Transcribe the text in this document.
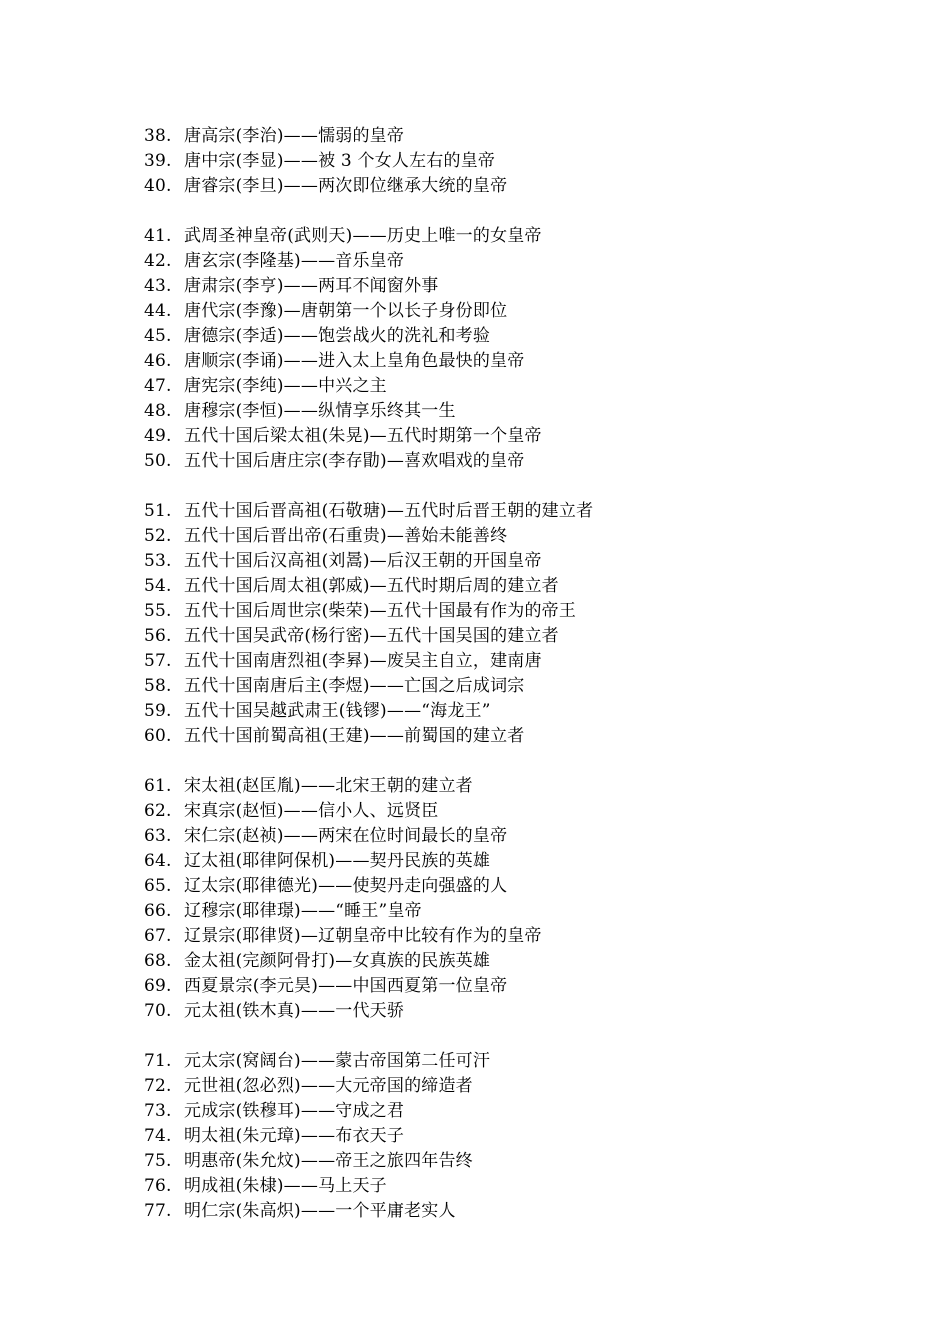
38. 唐高宗(李治)——懦弱的皇帝
39. 唐中宗(李显)——被 3 个女人左右的皇帝
40. 唐睿宗(李旦)——两次即位继承大统的皇帝
41. 武周圣神皇帝(武则天)——历史上唯一的女皇帝
42. 唐玄宗(李隆基)——音乐皇帝
43. 唐肃宗(李亨)——两耳不闻窗外事
44. 唐代宗(李豫)—唐朝第一个以长子身份即位
45. 唐德宗(李适)——饱尝战火的洗礼和考验
46. 唐顺宗(李诵)——进入太上皇角色最快的皇帝
47. 唐宪宗(李纯)——中兴之主
48. 唐穆宗(李恒)——纵情享乐终其一生
49. 五代十国后梁太祖(朱晃)—五代时期第一个皇帝
50. 五代十国后唐庄宗(李存勖)—喜欢唱戏的皇帝
51. 五代十国后晋高祖(石敬瑭)—五代时后晋王朝的建立者
52. 五代十国后晋出帝(石重贵)—善始未能善终
53. 五代十国后汉高祖(刘暠)—后汉王朝的开国皇帝
54. 五代十国后周太祖(郭威)—五代时期后周的建立者
55. 五代十国后周世宗(柴荣)—五代十国最有作为的帝王
56. 五代十国吴武帝(杨行密)—五代十国吴国的建立者
57. 五代十国南唐烈祖(李昪)—废吴主自立，建南唐
58. 五代十国南唐后主(李煜)——亡国之后成词宗
59. 五代十国吴越武肃王(钱镠)——“海龙王”
60. 五代十国前蜀高祖(王建)——前蜀国的建立者
61. 宋太祖(赵匡胤)——北宋王朝的建立者
62. 宋真宗(赵恒)——信小人、远贤臣
63. 宋仁宗(赵祯)——两宋在位时间最长的皇帝
64. 辽太祖(耶律阿保机)——契丹民族的英雄
65. 辽太宗(耶律德光)——使契丹走向强盛的人
66. 辽穆宗(耶律璟)——“睡王”皇帝
67. 辽景宗(耶律贤)—辽朝皇帝中比较有作为的皇帝
68. 金太祖(完颜阿骨打)—女真族的民族英雄
69. 西夏景宗(李元昊)——中国西夏第一位皇帝
70. 元太祖(铁木真)——一代天骄
71. 元太宗(窝阔台)——蒙古帝国第二任可汗
72. 元世祖(忽必烈)——大元帝国的缔造者
73. 元成宗(铁穆耳)——守成之君
74. 明太祖(朱元璋)——布衣天子
75. 明惠帝(朱允炆)——帝王之旅四年告终
76. 明成祖(朱棣)——马上天子
77. 明仁宗(朱高炽)——一个平庸老实人
